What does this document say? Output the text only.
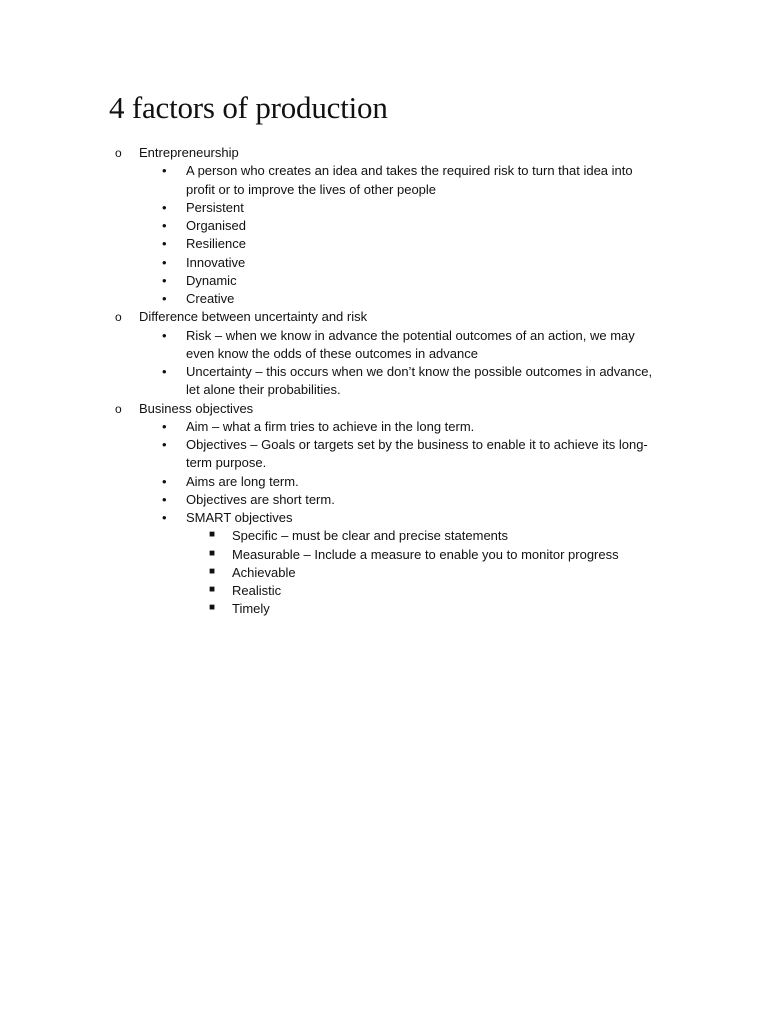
4 factors of production
o Entrepreneurship
• A person who creates an idea and takes the required risk to turn that idea into profit or to improve the lives of other people
• Persistent
• Organised
• Resilience
• Innovative
• Dynamic
• Creative
o Difference between uncertainty and risk
• Risk – when we know in advance the potential outcomes of an action, we may even know the odds of these outcomes in advance
• Uncertainty – this occurs when we don’t know the possible outcomes in advance, let alone their probabilities.
o Business objectives
• Aim – what a firm tries to achieve in the long term.
• Objectives – Goals or targets set by the business to enable it to achieve its long-term purpose.
• Aims are long term.
• Objectives are short term.
• SMART objectives
■ Specific – must be clear and precise statements
■ Measurable – Include a measure to enable you to monitor progress
■ Achievable
■ Realistic
■ Timely
